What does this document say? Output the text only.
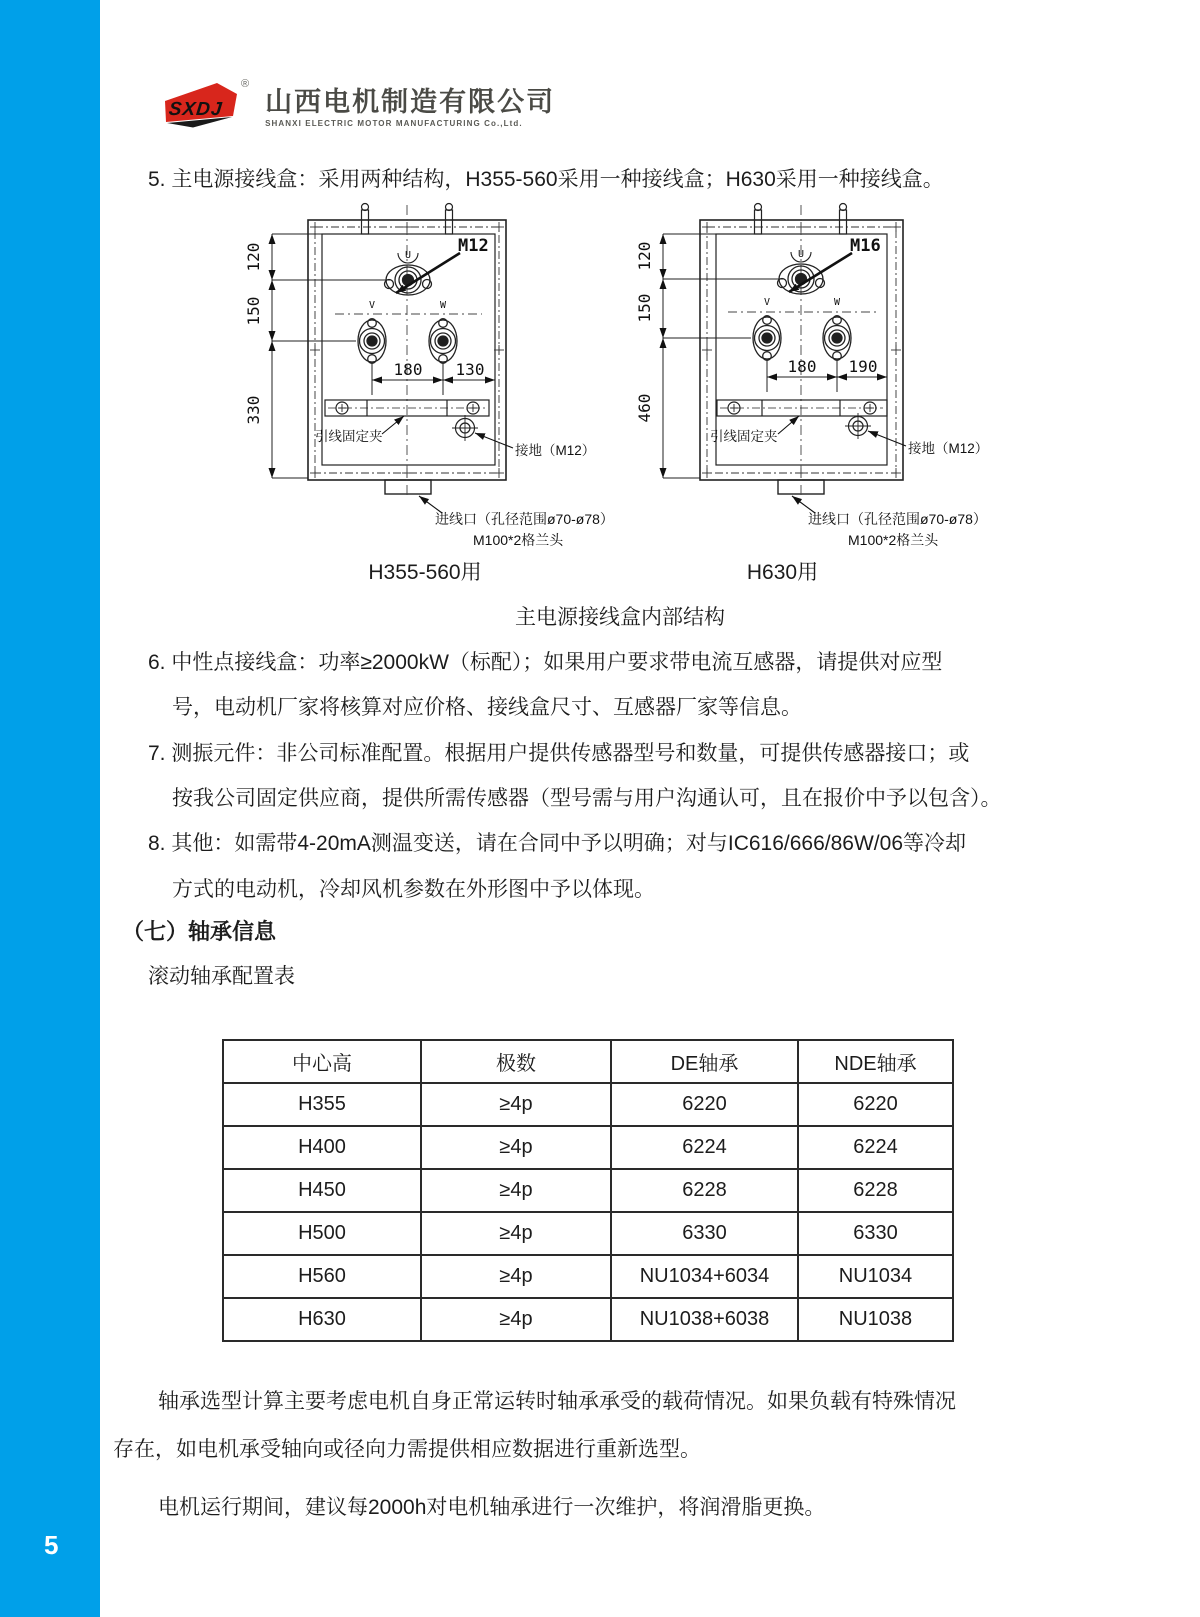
5
SXDJ
®
山西电机制造有限公司
SHANXI ELECTRIC MOTOR MANUFACTURING Co.,Ltd.
5. 主电源接线盒：采用两种结构，H355-560采用一种接线盒；H630采用一种接线盒。
U
V	W
M12
120
150
330
180 130
引线固定夹
接地（M12）
进线口（孔径范围ø70-ø78）
M100*2格兰头
U
V	W
M16
120
150
460
180 190
引线固定夹
接地（M12）
进线口（孔径范围ø70-ø78）
M100*2格兰头
H355-560用	H630用
主电源接线盒内部结构
6. 中性点接线盒：功率≥2000kW（标配）；如果用户要求带电流互感器，请提供对应型
号，电动机厂家将核算对应价格、接线盒尺寸、互感器厂家等信息。
7. 测振元件：非公司标准配置。根据用户提供传感器型号和数量，可提供传感器接口；或
按我公司固定供应商，提供所需传感器（型号需与用户沟通认可，且在报价中予以包含）。
8. 其他：如需带4-20mA测温变送，请在合同中予以明确；对与IC616/666/86W/06等冷却
方式的电动机，冷却风机参数在外形图中予以体现。
（七）轴承信息
滚动轴承配置表
中心高	极数	DE轴承	NDE轴承
H355	≥4p	6220	6220
H400	≥4p	6224	6224
H450	≥4p	6228	6228
H500	≥4p	6330	6330
H560	≥4p	NU1034+6034	NU1034
H630	≥4p	NU1038+6038	NU1038
轴承选型计算主要考虑电机自身正常运转时轴承承受的载荷情况。如果负载有特殊情况
存在，如电机承受轴向或径向力需提供相应数据进行重新选型。
电机运行期间，建议每2000h对电机轴承进行一次维护，将润滑脂更换。
